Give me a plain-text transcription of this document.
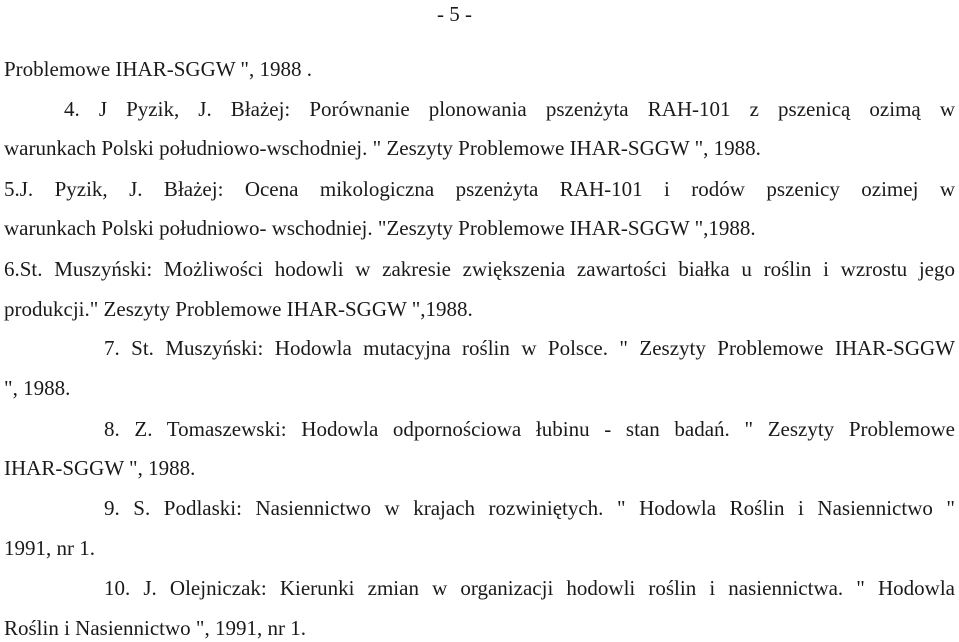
- 5 -
Problemowe IHAR-SGGW ", 1988 .
4. J Pyzik, J. Błażej: Porównanie plonowania pszenżyta RAH-101 z pszenicą ozimą w
warunkach Polski południowo-wschodniej. " Zeszyty Problemowe IHAR-SGGW ", 1988.
5.J. Pyzik, J. Błażej: Ocena mikologiczna pszenżyta RAH-101 i rodów pszenicy ozimej w
warunkach Polski południowo- wschodniej. "Zeszyty Problemowe IHAR-SGGW ",1988.
6.St. Muszyński: Możliwości hodowli w zakresie zwiększenia zawartości białka u roślin i wzrostu jego
produkcji." Zeszyty Problemowe IHAR-SGGW ",1988.
7. St. Muszyński: Hodowla mutacyjna roślin w Polsce. " Zeszyty Problemowe IHAR-SGGW
", 1988.
8. Z. Tomaszewski: Hodowla odpornościowa łubinu - stan badań. " Zeszyty Problemowe
IHAR-SGGW ", 1988.
9. S. Podlaski: Nasiennictwo w krajach rozwiniętych. " Hodowla Roślin i Nasiennictwo "
1991, nr 1.
10. J. Olejniczak: Kierunki zmian w organizacji hodowli roślin i nasiennictwa. " Hodowla
Roślin i Nasiennictwo ", 1991, nr 1.
